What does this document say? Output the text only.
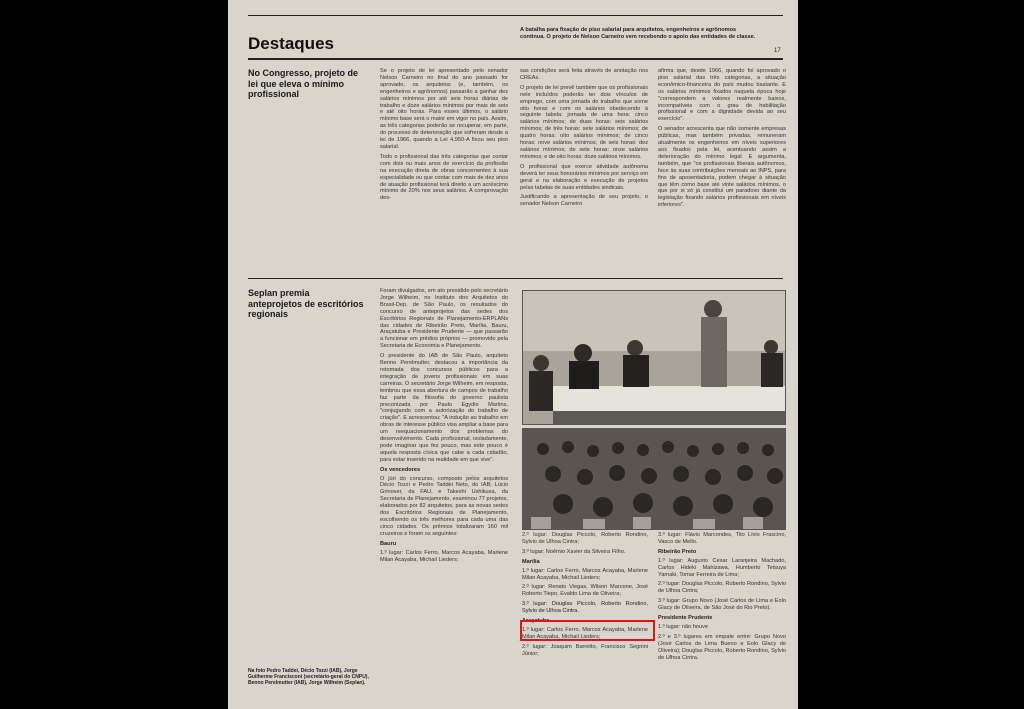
Destaques
A batalha para fixação de piso salarial para arquitetos, engenheiros e agrônomos continua. O projeto de Nelson Carneiro vem recebendo o apoio das entidades de classe.
17
No Congresso, projeto de lei que eleva o mínimo profissional

Se o projeto de lei apresentado pelo senador Nelson Carneiro no final do ano passado for aprovado, os arquitetos (e, também, os engenheiros e agrônomos) passarão a ganhar dez salários mínimos por até seis horas diárias de trabalho e doze salários mínimos por mais de seis e até oito horas. Para esses últimos, o salário mínimo base será o maior em vigor no país. Assim, as três categorias poderão se recuperar, em parte, do processo de deterioração que sofreram desde a lei de 1966, quando a Lei 4.950-A fixou seu piso salarial.

Todo o profissional das três categorias que contar com dois ou mais anos de exercício da profissão na execução direta de obras concernentes à sua especialidade ou que contar com mais de dez anos de atuação profissional terá direito a um acréscimo mínimo de 20% nos seus salários. A comprovação des-

sas condições será feita através de anotação nos CREAs.

O projeto de lei prevê também que os profissionais nele incluídos poderão ter dois vínculos de emprego, com uma jornada de trabalho que some oito horas e com os salários obedecendo à seguinte tabela: jornada de uma hora: cinco salários mínimos; de duas horas: seis salários mínimos; de três horas: sete salários mínimos; de quatro horas: oito salários mínimos; de cinco horas: nove salários mínimos; de seis horas: dez salários mínimos; de sete horas: onze salários mínimos; e de oito horas: doze salários mínimos.

O profissional que exerce atividade autônoma deverá ter seus honorários mínimos por serviço em geral e na elaboração e execução de projetos pelas tabelas de suas entidades sindicais.

Justificando a apresentação de seu projeto, o senador Nelson Carneiro

afirma que, desde 1966, quando foi aprovado o piso salarial das três categorias, a situação econômico-financeira do país mudou bastante. E os salários mínimos fixados naquela época hoje "correspondem a valores realmente baixos, incompatíveis com o grau de habilitação profissional e com a dignidade devida ao seu exercício".

O senador acrescenta que não somente empresas públicas, mas também privadas, remuneram atualmente os engenheiros em níveis superiores aos fixados pela lei, acentuando assim a deterioração do mínimo legal. E argumenta, também, que "os profissionais liberais autônomos, face às suas contribuições mensais ao INPS, para fins de aposentadoria, podem chegar à situação que têm como base até vinte salários mínimos, o que por si só já constitui um paradoxo diante da legislação fixando salários profissionais em níveis inferiores".

Seplan premia anteprojetos de escritórios regionais

Foram divulgados, em ato presidido pelo secretário Jorge Wilheim, no Instituto dos Arquitetos do Brasil-Dep. de São Paulo, os resultados do concurso de anteprojetos das sedes dos Escritórios Regionais de Planejamento-ERPLANs das cidades de Ribeirão Preto, Marília, Bauru, Araçatuba e Presidente Prudente — que passarão a funcionar em prédios próprios — promovido pela Secretaria de Economia e Planejamento.

O presidente do IAB de São Paulo, arquiteto Benno Perelmutter, destacou a importância da retomada dos concursos públicos para a integração de jovens profissionais em suas carreiras. O secretário Jorge Wilheim, em resposta, lembrou que essa abertura de campos de trabalho faz parte da filosofia do governo paulista preconizada por Paulo Egydio Martins, "conjugando com a autorização do trabalho de criação". E acrescentou: "A indução ao trabalho em obras de interesse público visa ampliar a base para um reequacionamento dos problemas do desenvolvimento. Cada profissional, isoladamente, pode imaginar que fez pouco, mas este pouco é aquela resposta cívica que cabe a cada cidadão, para estar inserido na realidade em que vive".

Os vencedores

O júri do concurso, composto pelos arquitetos Décio Tozzi e Pedro Taddei Neto, do IAB; Lúcio Grinover, da FAU, e Takeshi Ushikusa, da Secretaria de Planejamento, examinou 77 projetos, elaborados por 82 arquitetos, para as novas sedes dos Escritórios Regionais de Planejamento, escolhendo os três melhores para cada uma das cinco cidades. Os prêmios totalizaram 160 mil cruzeiros e foram os seguintes:

Bauru

1.º lugar: Carlos Ferro, Marcos Acayaba, Marlene Milan Acayaba, Michail Lieders;

Na foto Pedro Taddei, Décio Tozzi (IAB), Jorge Guilherme Francisconi (secretário-geral do CNPU), Benno Perelmutter (IAB), Jorge Wilheim (Seplan).

2.º lugar: Douglas Piccolo, Roberto Rondino, Sylvio de Ulhoa Cintra;

3.º lugar: Noêmio Xavier da Silveira Filho.

Marília

1.º lugar: Carlos Ferro, Marcos Acayaba, Marlene Milan Acayaba, Michail Lieders;

2.º lugar: Renato Viegas, Wilson Marcone, José Roberto Tiepo, Evaldo Lima de Oliveira;

3.º lugar: Douglas Piccolo, Roberto Rondino, Sylvio de Ulhoa Cintra.

Araçatuba

1.º lugar: Carlos Ferro, Marcos Acayaba, Marlene Milan Acayaba, Michail Lieders;

2.º lugar: Joaquim Barretto, Francisco Segnini Júnior;

3.º lugar: Flávio Marcondes, Tito Lívio Frascino, Vasco de Mello.

Ribeirão Preto

1.º lugar: Augusto Cesar Laranjeira Machado, Carlos Hideki Mahizawa, Humberto Tetsuya Yamaki, Tomar Ferreira de Lima;

2.º lugar: Douglas Piccolo, Roberto Rondino, Sylvio de Ulhoa Cintra;

3.º lugar: Grupo Novo (José Carlos de Lima e Eolo Glacy de Oliveira, de São José do Rio Preto).

Presidente Prudente

1.º lugar: não houve

2.º e 3.º lugares em empate entre: Grupo Novo (José Carlos de Lima Bueno e Eolo Glacy de Oliveira); Douglas Piccolo, Roberto Rondino, Sylvio de Ulhoa Cintra.
